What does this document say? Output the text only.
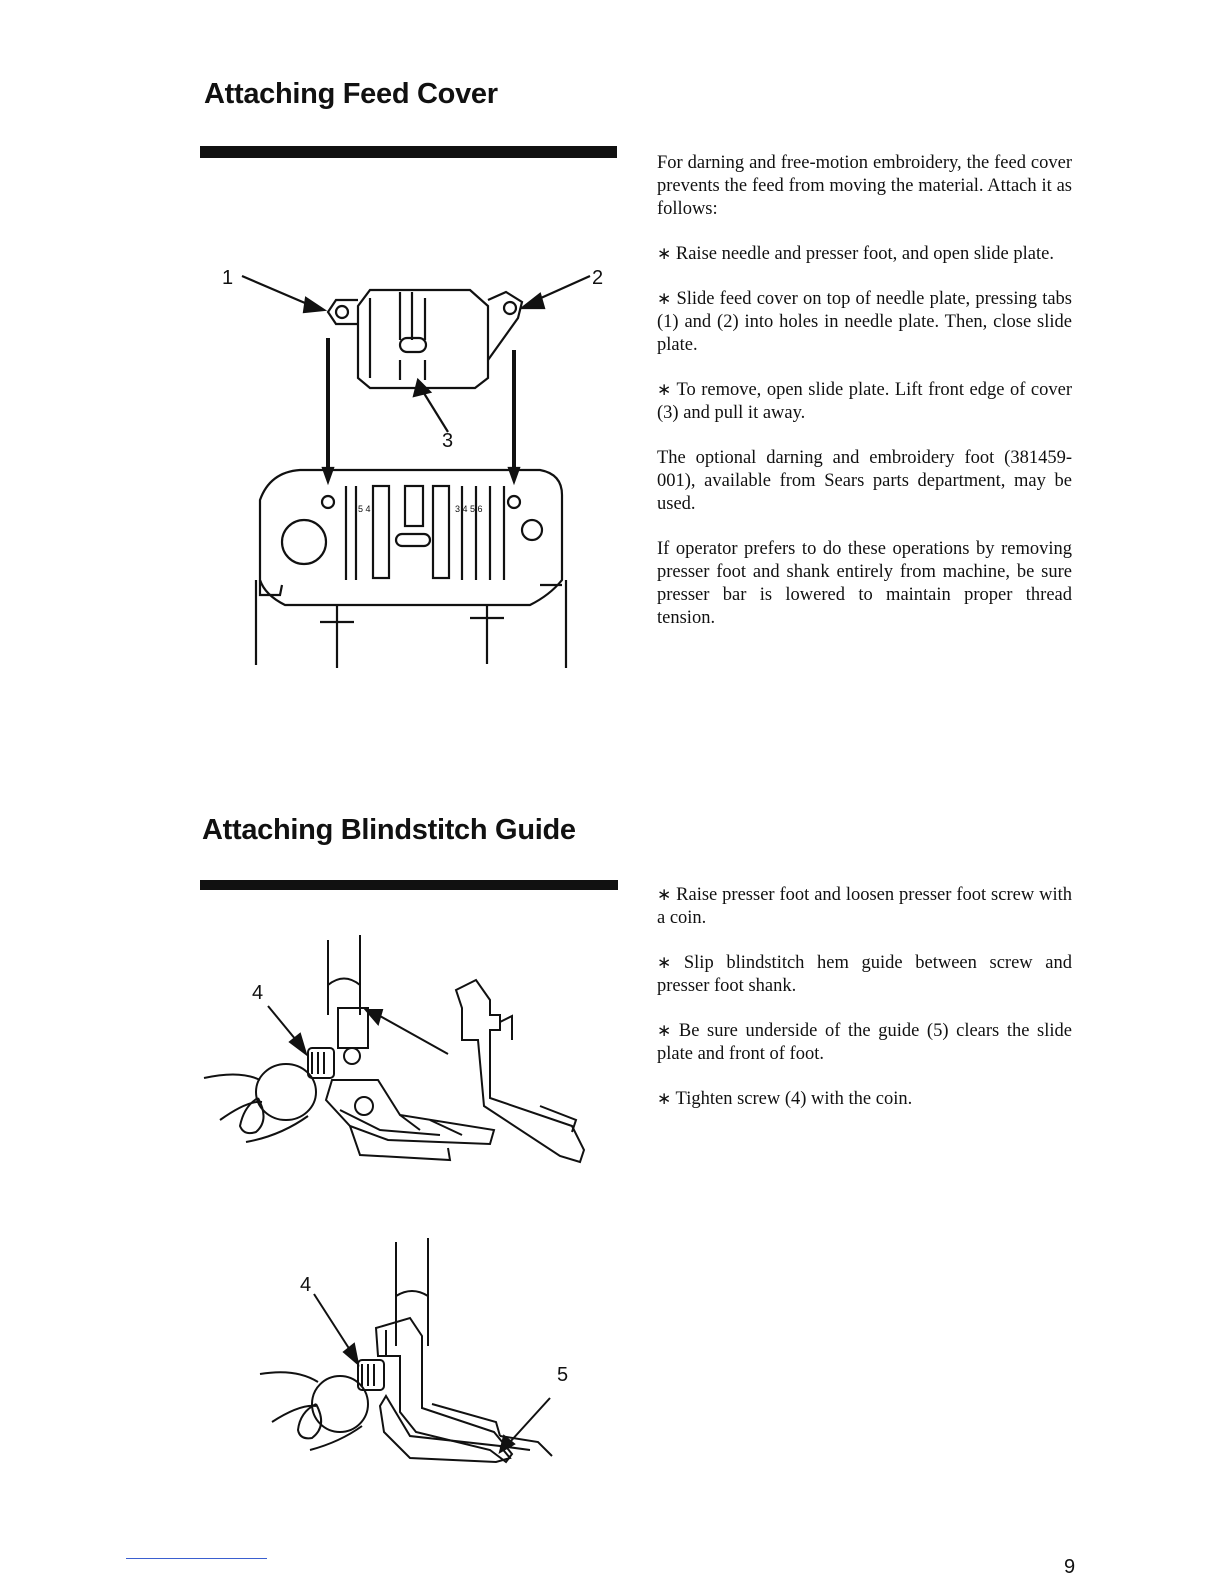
Attaching Feed Cover

For darning and free-motion embroidery, the feed cover prevents the feed from moving the material. Attach it as follows:

∗ Raise needle and presser foot, and open slide plate.

∗ Slide feed cover on top of needle plate, pressing tabs (1) and (2) into holes in needle plate. Then, close slide plate.

∗ To remove, open slide plate. Lift front edge of cover (3) and pull it away.

The optional darning and embroidery foot (381459-001), available from Sears parts department, may be used.

If operator prefers to do these operations by removing presser foot and shank entirely from machine, be sure presser bar is lowered to maintain proper thread tension.

1	2
3
5 4	3 4 5 6
Attaching Blindstitch Guide

∗ Raise presser foot and loosen presser foot screw with a coin.

∗ Slip blindstitch hem guide between screw and presser foot shank.

∗ Be sure underside of the guide (5) clears the slide plate and front of foot.

∗ Tighten screw (4) with the coin.

4
4
5

9
